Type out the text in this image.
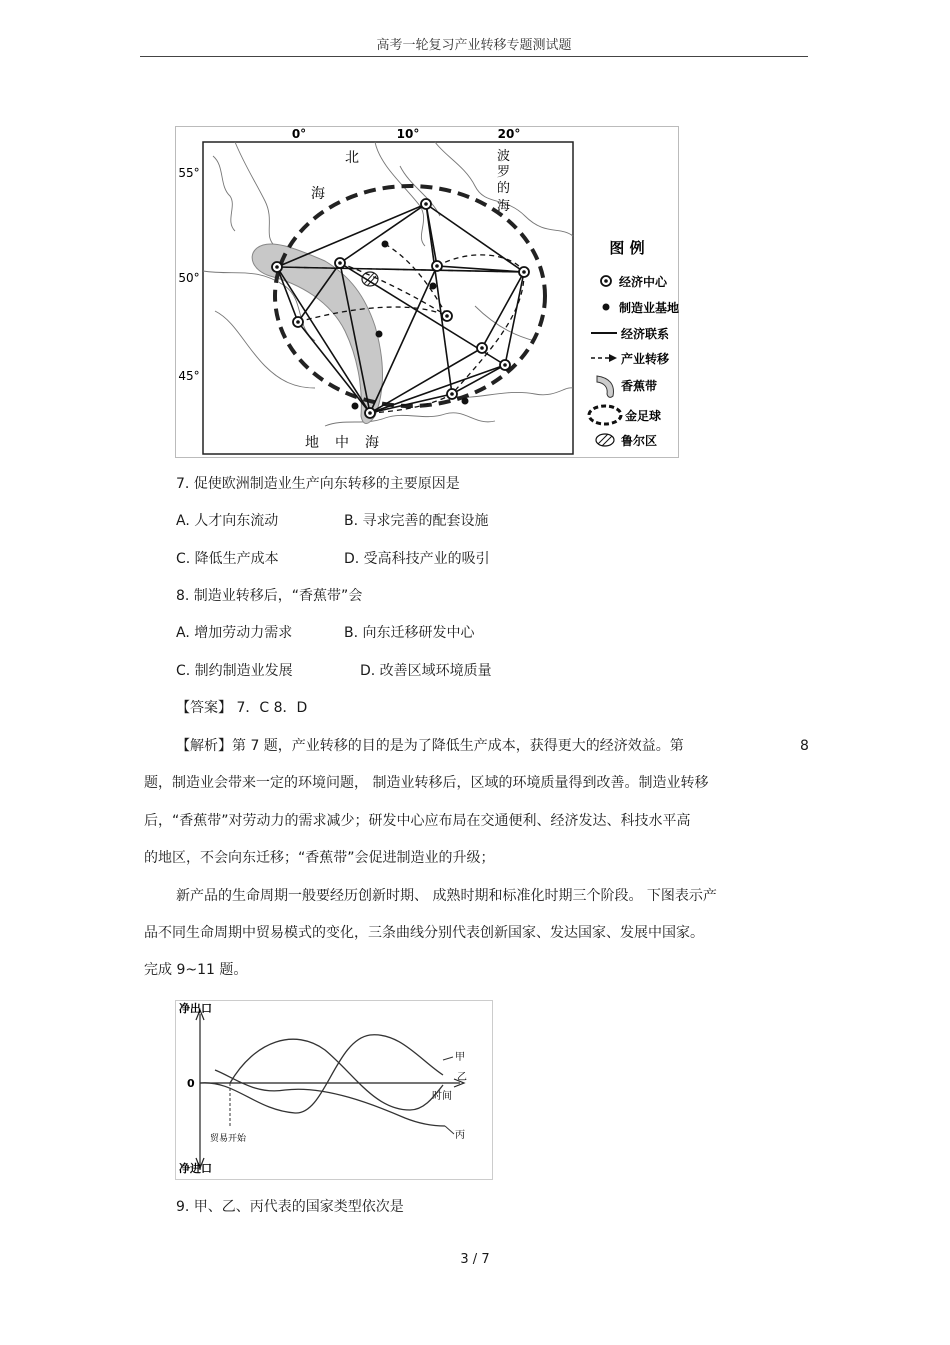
高考一轮复习产业转移专题测试题
0°	10°	20°
55°
50°
45°
北
海
波
罗
的
海
地 中 海
图 例
经济中心
制造业基地
经济联系
产业转移
香蕉带
金足球
鲁尔区
7. 促使欧洲制造业生产向东转移的主要原因是
A. 人才向东流动	B. 寻求完善的配套设施
C. 降低生产成本	D. 受高科技产业的吸引
8. 制造业转移后，“香蕉带”会
A. 增加劳动力需求	B. 向东迁移研发中心
C. 制约制造业发展	D. 改善区域环境质量
【答案】 7．C 8．D
【解析】第 7 题，产业转移的目的是为了降低生产成本，获得更大的经济效益。第	8
题，制造业会带来一定的环境问题， 制造业转移后，区域的环境质量得到改善。制造业转移
后，“香蕉带”对劳动力的需求减少；研发中心应布局在交通便利、经济发达、科技水平高
的地区，不会向东迁移；“香蕉带”会促进制造业的升级；
新产品的生命周期一般要经历创新时期、 成熟时期和标准化时期三个阶段。 下图表示产
品不同生命周期中贸易模式的变化，三条曲线分别代表创新国家、发达国家、发展中国家。
完成 9~11 题。
净出口
净进口
0
时间
贸易开始
甲
乙
丙
9. 甲、乙、丙代表的国家类型依次是
3 / 7
